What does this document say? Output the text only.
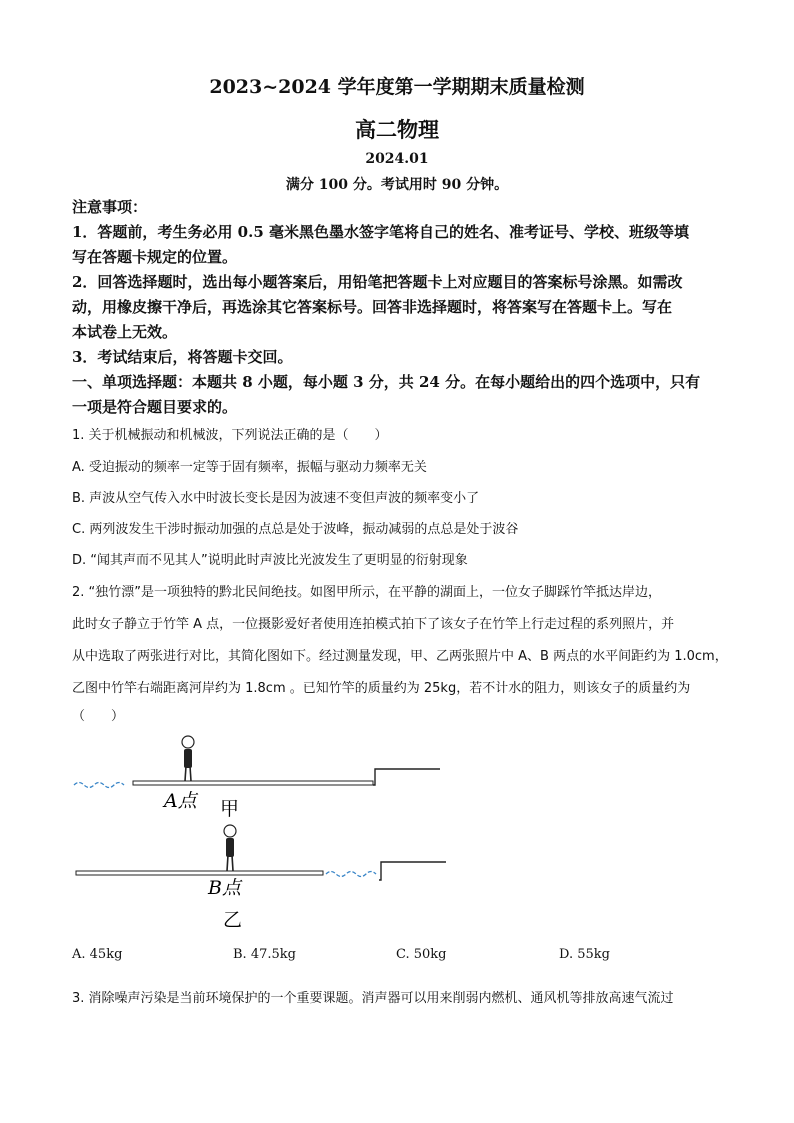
2023~2024 学年度第一学期期末质量检测
高二物理
2024.01
满分 100 分。考试用时 90 分钟。
注意事项：
1．答题前，考生务必用 0.5 毫米黑色墨水签字笔将自己的姓名、准考证号、学校、班级等填
写在答题卡规定的位置。
2．回答选择题时，选出每小题答案后，用铅笔把答题卡上对应题目的答案标号涂黑。如需改
动，用橡皮擦干净后，再选涂其它答案标号。回答非选择题时，将答案写在答题卡上。写在
本试卷上无效。
3．考试结束后，将答题卡交回。
一、单项选择题：本题共 8 小题，每小题 3 分，共 24 分。在每小题给出的四个选项中，只有
一项是符合题目要求的。
1. 关于机械振动和机械波，下列说法正确的是（　　）
A. 受迫振动的频率一定等于固有频率，振幅与驱动力频率无关
B. 声波从空气传入水中时波长变长是因为波速不变但声波的频率变小了
C. 两列波发生干涉时振动加强的点总是处于波峰，振动减弱的点总是处于波谷
D. “闻其声而不见其人”说明此时声波比光波发生了更明显的衍射现象
2. “独竹漂”是一项独特的黔北民间绝技。如图甲所示，在平静的湖面上，一位女子脚踩竹竿抵达岸边，
此时女子静立于竹竿 A 点，一位摄影爱好者使用连拍模式拍下了该女子在竹竿上行走过程的系列照片，并
从中选取了两张进行对比，其简化图如下。经过测量发现，甲、乙两张照片中 A、B 两点的水平间距约为 1.0cm，
乙图中竹竿右端距离河岸约为 1.8cm 。已知竹竿的质量约为 25kg，若不计水的阻力，则该女子的质量约为
（　　）
A点 甲
B点
乙
A. 45kg	B. 47.5kg	C. 50kg	D. 55kg
3. 消除噪声污染是当前环境保护的一个重要课题。消声器可以用来削弱内燃机、通风机等排放高速气流过
